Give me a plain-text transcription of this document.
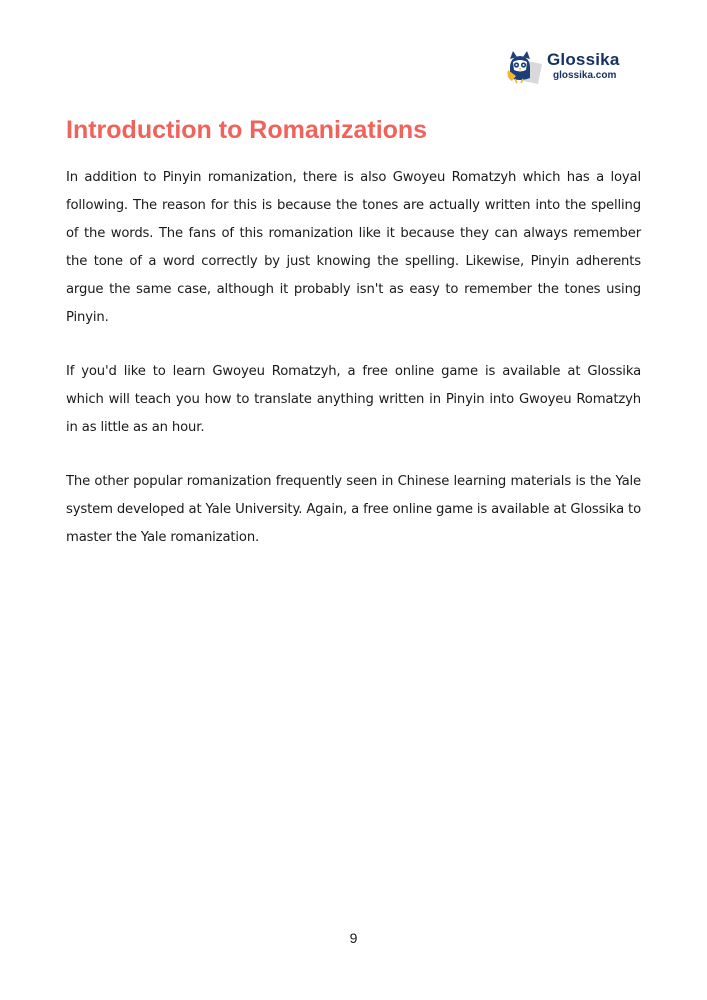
Glossika
glossika.com
Introduction to Romanizations

In addition to Pinyin romanization, there is also Gwoyeu Romatzyh which has a loyal following. The reason for this is because the tones are actually written into the spelling of the words. The fans of this romanization like it because they can always remember the tone of a word correctly by just knowing the spelling. Likewise, Pinyin adherents argue the same case, although it probably isn't as easy to remember the tones using Pinyin.

If you'd like to learn Gwoyeu Romatzyh, a free online game is available at Glossika which will teach you how to translate anything written in Pinyin into Gwoyeu Romatzyh in as little as an hour.

The other popular romanization frequently seen in Chinese learning materials is the Yale system developed at Yale University. Again, a free online game is available at Glossika to master the Yale romanization.

9
